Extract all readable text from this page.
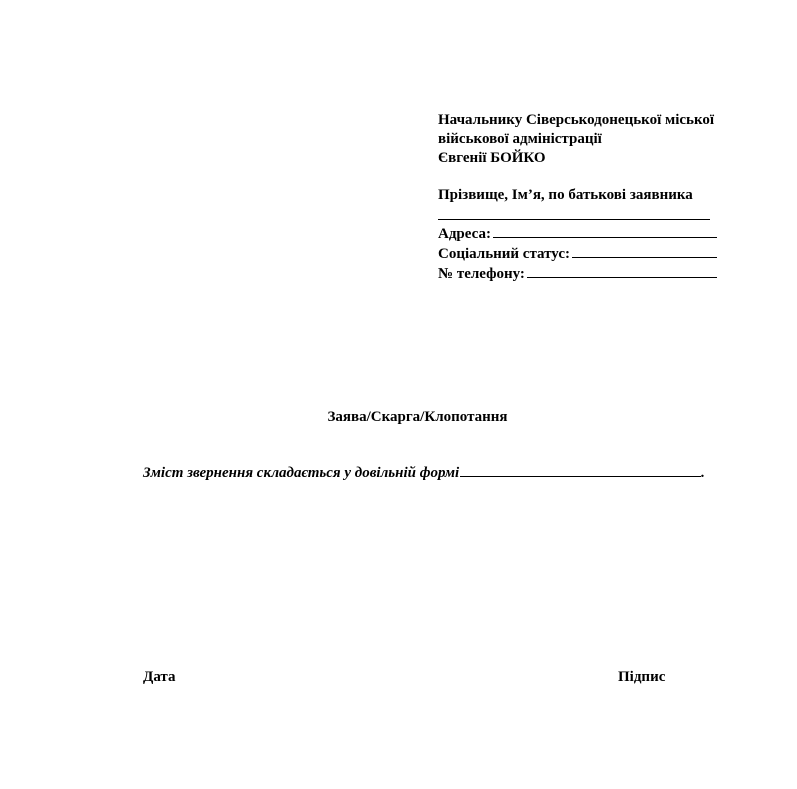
Начальнику Сіверськодонецької міської
військової адміністрації
Євгенії БОЙКО
Прізвище, Ім’я, по батькові заявника
Адреса:
Соціальний статус:
№ телефону:
Заява/Скарга/Клопотання
Зміст звернення складається у довільній формі	.
Дата	Підпис
